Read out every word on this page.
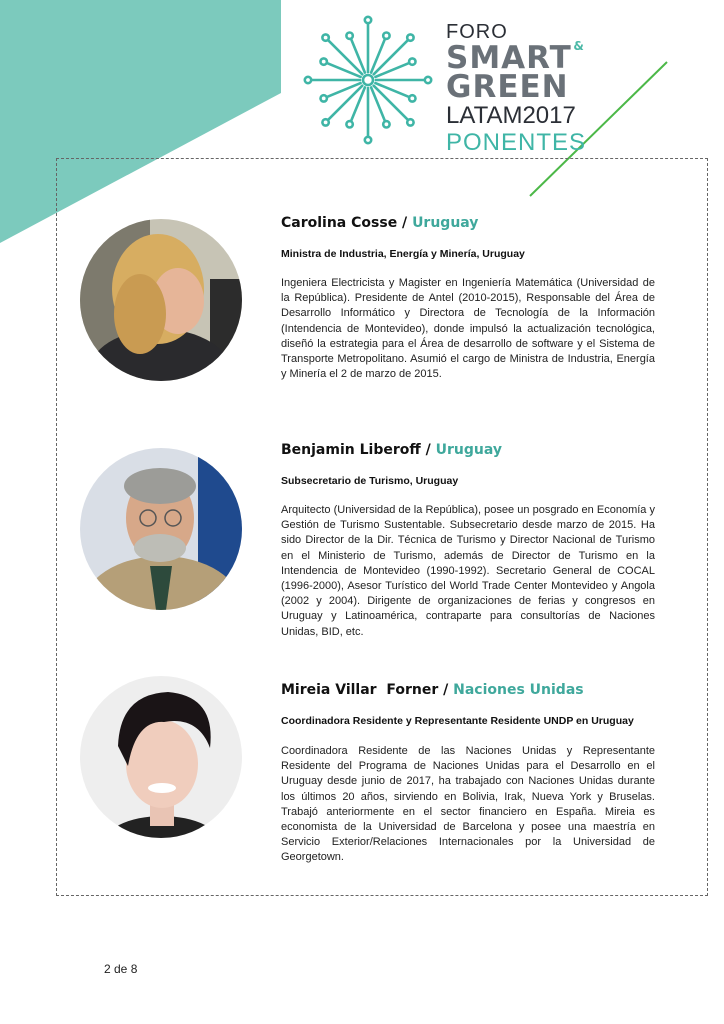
FORO
SMART &
GREEN
LATAM2017
PONENTES
Carolina Cosse / Uruguay
Ministra de Industria, Energía y Minería, Uruguay

Ingeniera Electricista y Magister en Ingeniería Matemática (Universidad de la República). Presidente de Antel (2010-2015), Responsable del Área de Desarrollo Informático y Directora de Tecnología de la Información (Intendencia de Montevideo), donde impulsó la actualización tecnológica, diseñó la estrategia para el Área de desarrollo de software y el Sistema de Transporte Metropolitano. Asumió el cargo de Ministra de Industria, Energía y Minería el 2 de marzo de 2015.

Benjamin Liberoff / Uruguay
Subsecretario de Turismo, Uruguay

Arquitecto (Universidad de la República), posee un posgrado en Economía y Gestión de Turismo Sustentable. Subsecretario desde marzo de 2015. Ha sido Director de la Dir. Técnica de Turismo y Director Nacional de Turismo en el Ministerio de Turismo, además de Director de Turismo en la Intendencia de Montevideo (1990-1992). Secretario General de COCAL (1996-2000), Asesor Turístico del World Trade Center Montevideo y Angola (2002 y 2004). Dirigente de organizaciones de ferias y congresos en Uruguay y Latinoamérica, contraparte para consultorías de Naciones Unidas, BID, etc.

Mireia Villar  Forner / Naciones Unidas
Coordinadora Residente y Representante Residente UNDP en Uruguay

Coordinadora Residente de las Naciones Unidas y Representante Residente del Programa de Naciones Unidas para el Desarrollo en el Uruguay desde junio de 2017, ha trabajado con Naciones Unidas durante los últimos 20 años, sirviendo en Bolivia, Irak, Nueva York y Bruselas. Trabajó anteriormente en el sector financiero en España. Mireia es economista de la Universidad de Barcelona y posee una maestría en Servicio Exterior/Relaciones Internacionales por la Universidad de Georgetown.

2 de 8
